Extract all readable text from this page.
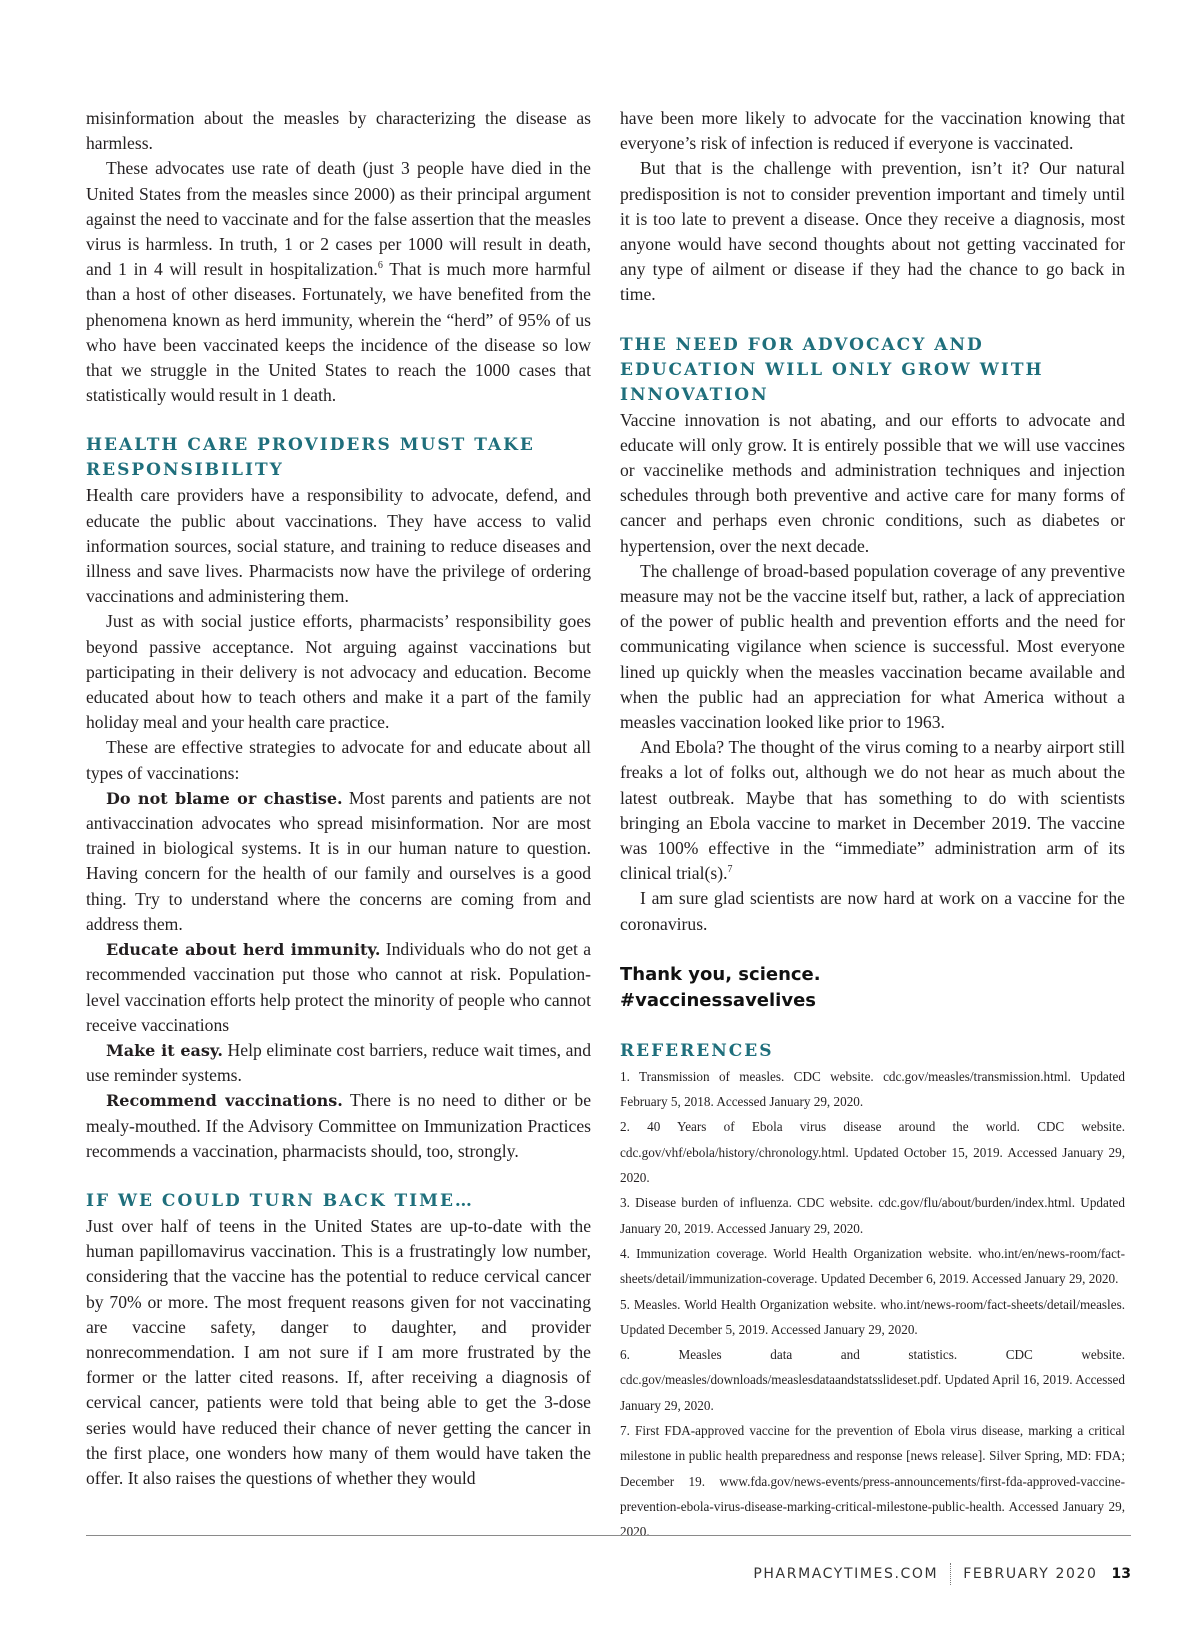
misinformation about the measles by characterizing the disease as harmless.

These advocates use rate of death (just 3 people have died in the United States from the measles since 2000) as their principal argument against the need to vaccinate and for the false assertion that the measles virus is harmless. In truth, 1 or 2 cases per 1000 will result in death, and 1 in 4 will result in hospitalization.$^6$ That is much more harmful than a host of other diseases. Fortunately, we have benefited from the phenomena known as herd immunity, wherein the “herd” of 95% of us who have been vaccinated keeps the incidence of the disease so low that we struggle in the United States to reach the 1000 cases that statistically would result in 1 death.

HEALTH CARE PROVIDERS MUST TAKE RESPONSIBILITY

Health care providers have a responsibility to advocate, defend, and educate the public about vaccinations. They have access to valid information sources, social stature, and training to reduce diseases and illness and save lives. Pharmacists now have the privilege of ordering vaccinations and administering them.

Just as with social justice efforts, pharmacists’ responsibility goes beyond passive acceptance. Not arguing against vaccinations but participating in their delivery is not advocacy and education. Become educated about how to teach others and make it a part of the family holiday meal and your health care practice.

These are effective strategies to advocate for and educate about all types of vaccinations:

Do not blame or chastise. Most parents and patients are not antivaccination advocates who spread misinformation. Nor are most trained in biological systems. It is in our human nature to question. Having concern for the health of our family and ourselves is a good thing. Try to understand where the concerns are coming from and address them.

Educate about herd immunity. Individuals who do not get a recommended vaccination put those who cannot at risk. Population-level vaccination efforts help protect the minority of people who cannot receive vaccinations

Make it easy. Help eliminate cost barriers, reduce wait times, and use reminder systems.

Recommend vaccinations. There is no need to dither or be mealy-mouthed. If the Advisory Committee on Immunization Practices recommends a vaccination, pharmacists should, too, strongly.

IF WE COULD TURN BACK TIME…

Just over half of teens in the United States are up-to-date with the human papillomavirus vaccination. This is a frustratingly low number, considering that the vaccine has the potential to reduce cervical cancer by 70% or more. The most frequent reasons given for not vaccinating are vaccine safety, danger to daughter, and provider nonrecommendation. I am not sure if I am more frustrated by the former or the latter cited reasons. If, after receiving a diagnosis of cervical cancer, patients were told that being able to get the 3-dose series would have reduced their chance of never getting the cancer in the first place, one wonders how many of them would have taken the offer. It also raises the questions of whether they would

have been more likely to advocate for the vaccination knowing that everyone’s risk of infection is reduced if everyone is vaccinated.

But that is the challenge with prevention, isn’t it? Our natural predisposition is not to consider prevention important and timely until it is too late to prevent a disease. Once they receive a diagnosis, most anyone would have second thoughts about not getting vaccinated for any type of ailment or disease if they had the chance to go back in time.

THE NEED FOR ADVOCACY AND EDUCATION WILL ONLY GROW WITH INNOVATION

Vaccine innovation is not abating, and our efforts to advocate and educate will only grow. It is entirely possible that we will use vaccines or vaccinelike methods and administration techniques and injection schedules through both preventive and active care for many forms of cancer and perhaps even chronic conditions, such as diabetes or hypertension, over the next decade.

The challenge of broad-based population coverage of any preventive measure may not be the vaccine itself but, rather, a lack of appreciation of the power of public health and prevention efforts and the need for communicating vigilance when science is successful. Most everyone lined up quickly when the measles vaccination became available and when the public had an appreciation for what America without a measles vaccination looked like prior to 1963.

And Ebola? The thought of the virus coming to a nearby airport still freaks a lot of folks out, although we do not hear as much about the latest outbreak. Maybe that has something to do with scientists bringing an Ebola vaccine to market in December 2019. The vaccine was 100% effective in the “immediate” administration arm of its clinical trial(s).$^7$

I am sure glad scientists are now hard at work on a vaccine for the coronavirus.

Thank you, science.

#vaccinessavelives

REFERENCES

1. Transmission of measles. CDC website. cdc.gov/measles/transmission.html. Updated February 5, 2018. Accessed January 29, 2020.

2. 40 Years of Ebola virus disease around the world. CDC website. cdc.gov/vhf/ebola/history/chronology.html. Updated October 15, 2019. Accessed January 29, 2020.

3. Disease burden of influenza. CDC website. cdc.gov/flu/about/burden/index.html. Updated January 20, 2019. Accessed January 29, 2020.

4. Immunization coverage. World Health Organization website. who.int/en/news-room/fact-sheets/detail/immunization-coverage. Updated December 6, 2019. Accessed January 29, 2020.

5. Measles. World Health Organization website. who.int/news-room/fact-sheets/detail/measles. Updated December 5, 2019. Accessed January 29, 2020.

6. Measles data and statistics. CDC website. cdc.gov/measles/downloads/measlesdataandstatsslideset.pdf. Updated April 16, 2019. Accessed January 29, 2020.

7. First FDA-approved vaccine for the prevention of Ebola virus disease, marking a critical milestone in public health preparedness and response [news release]. Silver Spring, MD: FDA; December 19. www.fda.gov/news-events/press-announcements/first-fda-approved-vaccine-prevention-ebola-virus-disease-marking-critical-milestone-public-health. Accessed January 29, 2020.

PHARMACYTIMES.COM FEBRUARY 2020 13
